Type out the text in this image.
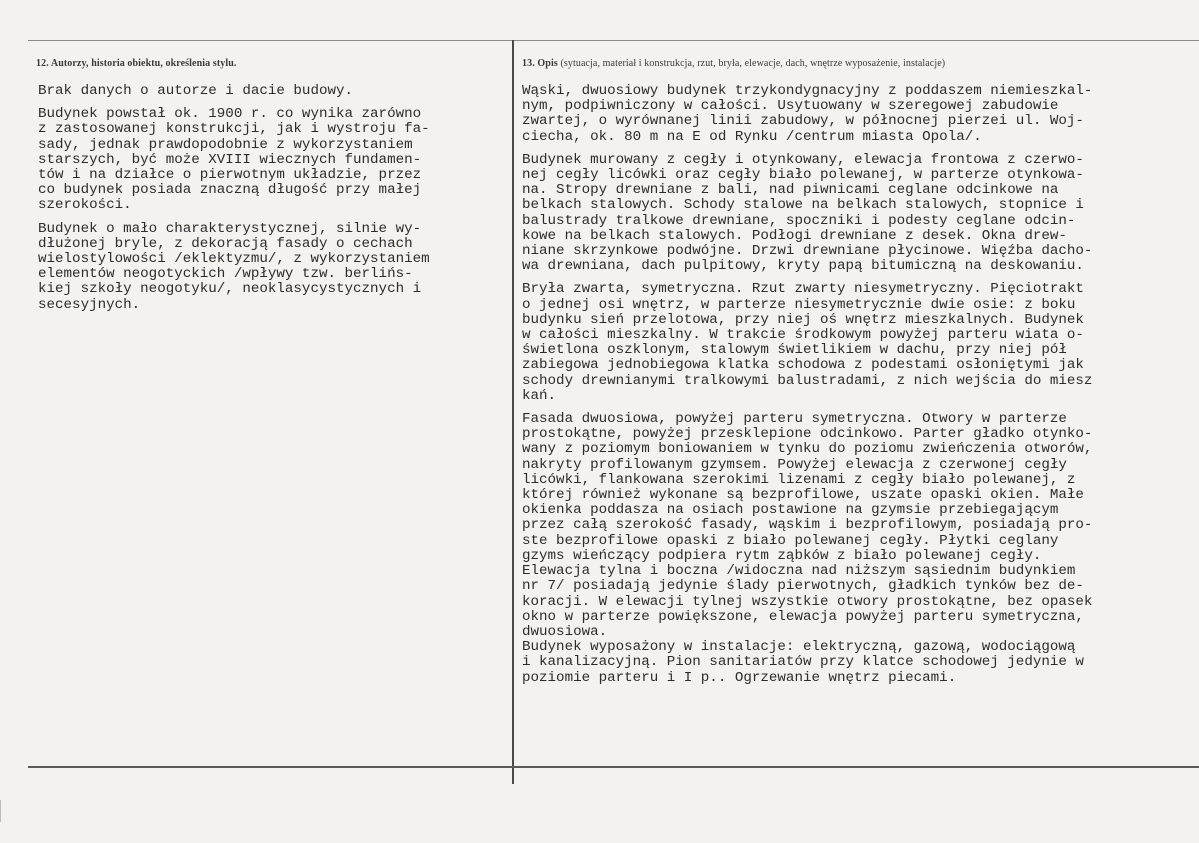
12. Autorzy, historia obiektu, określenia stylu.	13. Opis (sytuacja, materiał i konstrukcja, rzut, bryła, elewacje, dach, wnętrze wyposażenie, instalacje)
Brak danych o autorze i dacie budowy.
Budynek powstał ok. 1900 r. co wynika zarówno
z zastosowanej konstrukcji, jak i wystroju fa-
sady, jednak prawdopodobnie z wykorzystaniem
starszych, być może XVIII wiecznych fundamen-
tów i na działce o pierwotnym układzie, przez
co budynek posiada znaczną długość przy małej
szerokości.
Budynek o mało charakterystycznej, silnie wy-
dłużonej bryle, z dekoracją fasady o cechach
wielostylowości /eklektyzmu/, z wykorzystaniem
elementów neogotyckich /wpływy tzw. berlińs-
kiej szkoły neogotyku/, neoklasycystycznych i
secesyjnych.
Wąski, dwuosiowy budynek trzykondygnacyjny z poddaszem niemieszkal-
nym, podpiwniczony w całości. Usytuowany w szeregowej zabudowie
zwartej, o wyrównanej linii zabudowy, w północnej pierzei ul. Woj-
ciecha, ok. 80 m na E od Rynku /centrum miasta Opola/.
Budynek murowany z cegły i otynkowany, elewacja frontowa z czerwo-
nej cegły licówki oraz cegły biało polewanej, w parterze otynkowa-
na. Stropy drewniane z bali, nad piwnicami ceglane odcinkowe na
belkach stalowych. Schody stalowe na belkach stalowych, stopnice i
balustrady tralkowe drewniane, spoczniki i podesty ceglane odcin-
kowe na belkach stalowych. Podłogi drewniane z desek. Okna drew-
niane skrzynkowe podwójne. Drzwi drewniane płycinowe. Więźba dacho-
wa drewniana, dach pulpitowy, kryty papą bitumiczną na deskowaniu.
Bryła zwarta, symetryczna. Rzut zwarty niesymetryczny. Pięciotrakt
o jednej osi wnętrz, w parterze niesymetrycznie dwie osie: z boku
budynku sień przelotowa, przy niej oś wnętrz mieszkalnych. Budynek
w całości mieszkalny. W trakcie środkowym powyżej parteru wiata o-
świetlona oszklonym, stalowym świetlikiem w dachu, przy niej pół
zabiegowa jednobiegowa klatka schodowa z podestami osłoniętymi jak
schody drewnianymi tralkowymi balustradami, z nich wejścia do miesz
kań.
Fasada dwuosiowa, powyżej parteru symetryczna. Otwory w parterze
prostokątne, powyżej przesklepione odcinkowo. Parter gładko otynko-
wany z poziomym boniowaniem w tynku do poziomu zwieńczenia otworów,
nakryty profilowanym gzymsem. Powyżej elewacja z czerwonej cegły
licówki, flankowana szerokimi lizenami z cegły biało polewanej, z
której również wykonane są bezprofilowe, uszate opaski okien. Małe
okienka poddasza na osiach postawione na gzymsie przebiegającym
przez całą szerokość fasady, wąskim i bezprofilowym, posiadają pro-
ste bezprofilowe opaski z biało polewanej cegły. Płytki ceglany
gzyms wieńczący podpiera rytm ząbków z biało polewanej cegły.
Elewacja tylna i boczna /widoczna nad niższym sąsiednim budynkiem
nr 7/ posiadają jedynie ślady pierwotnych, gładkich tynków bez de-
koracji. W elewacji tylnej wszystkie otwory prostokątne, bez opasek
okno w parterze powiększone, elewacja powyżej parteru symetryczna,
dwuosiowa.
Budynek wyposażony w instalacje: elektryczną, gazową, wodociągową
i kanalizacyjną. Pion sanitariatów przy klatce schodowej jedynie w
poziomie parteru i I p.. Ogrzewanie wnętrz piecami.
